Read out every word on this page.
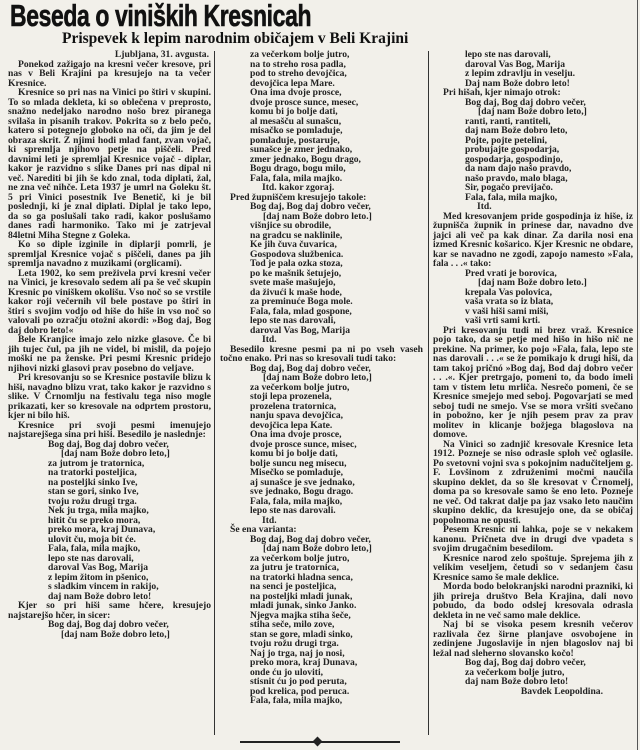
Beseda o viniških Kresnicah
Prispevek k lepim narodnim običajem v Beli Krajini
Ljubljana, 31. avgusta.
Ponekod zažigajo na kresni večer kresove, pri nas v Beli Krajini pa kresujejo na ta večer Kresnice.
Kresnice so pri nas na Vinici po štiri v skupini. To so mlada dekleta, ki so oblečena v preprosto, snažno nedeljako narodno nošo brez piranega svilaša in pisanih trakov. Pokrita so z belo pečo, katero si potegnejo globoko na oči, da jim je del obraza skrit. Z njimi hodi mlad fant, zvan vojač, ki spremlja njihovo petje na piščeli. Pred davnimi leti je spremljal Kresnice vojač - diplar, kakor je razvidno s slike Danes pri nas dipal ni več. Narediti bi jih še kdo znal, toda diplati, žal, ne zna več nihče. Leta 1937 je umrl na Goleku št. 5 pri Vinici posestnik Ive Benetič, ki je bil poslednji, ki je znal diplati. Diplal je tako lepo, da so ga poslušali tako radi, kakor poslušamo danes radi harmoniko. Tako mi je zatrjeval 84letni Miha Stegne z Goleka.
Ko so diple izginile in diplarji pomrli, je spremljal Kresnice vojač s piščeli, danes pa jih spremlja navadno z muzikami (orglicami).
Leta 1902, ko sem preživela prvi kresni večer na Vinici, je kresovalo sedem ali pa še več skupin Kresnic po viniškem okolišu. Vso noč so se vrstile kakor roji večernih vil bele postave po štiri in štiri s svojim vodjo od hiše do hiše in vso noč so valovali po ozračju otožni akordi: »Bog daj, Bog daj dobro leto!«
Bele Kranjice imajo zelo nizke glasove. Če bi jih tujec čul, pa jih ne videl, bi mislil, da pojejo moški ne pa ženske. Pri pesmi Kresnic pridejo njihovi nizki glasovi prav posebno do veljave.
Pri kresovanju so se Kresnice postavile blizu k hiši, navadno blizu vrat, tako kakor je razvidno s slike. V Črnomlju na festivalu tega niso mogle prikazati, ker so kresovale na odprtem prostoru, kjer ni bilo hiš.
Kresnice pri svoji pesmi imenujejo najstarejšega sina pri hiši. Besedilo je naslednje:
Bog daj, Bog daj dobro večer,
[daj nam Bože dobro leto,]
za jutrom je tratornica,
na tratorki posteljica,
na posteljki sinko Ive,
stan se gori, sinko Ive,
tvoju rožu drugi trga.
Nek ju trga, mila majko,
hitit ču se preko mora,
preko mora, kraj Dunava,
ulovit ču, moja bit će.
Fala, fala, mila majko,
lepo ste nas darovali,
daroval Vas Bog, Marija
z lepim žitom in pšenico,
s sladkim vincem in rakijo,
daj nam Bože dobro leto!
Kjer so pri hiši same hčere, kresujejo najstarejšo hčer, in sicer:
Bog daj, Bog daj dobro večer,
[daj nam Bože dobro leto,]
za večerkom bolje jutro,
na to streho rosa padla,
pod to streho devojčica,
devojčica lepa Mare.
Ona ima dvoje prosce,
dvoje prosce sunce, mesec,
komu bi jo bolje dati,
al mesašču al sunašcu,
misačko se pomladuje,
pomladuje, postaruje,
sunašce je zmer jednako,
zmer jednako, Bogu drago,
Bogu drago, bogu milo,
Fala, fala, mila majko.
Itd. kakor zgoraj.
Pred župniščem kresujejo takole:
Bog daj, Bog daj dobro večer,
[daj nam Bože dobro leto.]
višnjice su obrodile,
na gradcu se naklinile,
Ke jih čuva čuvarica,
Gospodova službenica.
Tod je pala ozka stoza,
po ke mašnik šetujejo,
svete maše mašujejo,
da živući k maše hode,
za preminuće Boga mole.
Fala, fala, mlad gospone,
lepo ste nas darovali,
daroval Vas Bog, Marija
Itd.
Besedilo kresne pesmi pa ni po vseh vaseh točno enako. Pri nas so kresovali tudi tako:
Bog daj, Bog daj dobro večer,
[daj nam Bože dobro leto,]
za večerkom bolje jutro,
stoji lepa prozenela,
prozelena tratornica,
nanju spava devojčica,
devojčica lepa Kate.
Ona ima dvoje prosce,
dvoje prosce sunce, misec,
komu bi jo bolje dati,
bolje suncu neg misecu,
Misečko se pomladuje,
aj sunašce je sve jednako,
sve jednako, Bogu drago.
Fala, fala, mila majko,
lepo ste nas darovali.
Itd.
Še ena varianta:
Bog daj, Bog daj dobro večer,
[daj nam Bože dobro leto,]
za večerkom bolje jutro,
za jutru je tratornica,
na tratorki hladna senca,
na senci je posteljica,
na posteljki mladi junak,
mladi junak, sinko Janko.
Njegva majka stiha šeče,
stiha seče, milo zove,
stan se gore, mladi sinko,
tvoju rožu drugi trga.
Naj jo trga, naj jo nosi,
preko mora, kraj Dunava,
onde ću jo uloviti,
stisnit ću jo pod peruta,
pod krelica, pod peruca.
Fala, fala, mila majko,
lepo ste nas darovali,
daroval Vas Bog, Marija
z lepim zdravlju in veselju.
Daj nam Bože dobro leto!
Pri hišah, kjer nimajo otrok:
Bog daj, Bog daj dobro večer,
[daj nam Bože dobro leto,]
ranti, ranti, rantiteli,
daj nam Bože dobro leto,
Pojte, pojte petelini,
probujajte gospodarja,
gospodarja, gospodinjo,
da nam dajo našo pravdo,
našo pravdo, malo blaga,
Sir, pogačo previjačo.
Fala, fala, mila majko,
Itd.
Med kresovanjem pride gospodinja iz hiše, iz župnišča župnik in prinese dar, navadno dve jajci ali več pa kak dinar. Za darila nosi ena izmed Kresnic košarico. Kjer Kresnic ne obdare, kar se navadno ne zgodi, zapojo namesto »Fala, fala . . .« tako:
Pred vrati je borovica,
[daj nam Bože dobro leto.]
krepala Vas polovica,
vaša vrata so iz blata,
v vaši hiši sami miši,
vaši vrti sami krti.
Pri kresovanju tudi ni brez vraž. Kresnice pojo tako, da se petje med hišo in hišo nič ne prekine. Na primer, ko pojo »Fala, fala, lepo ste nas darovali . . .« se že pomikajo k drugi hiši, da tam takoj pričnó »Bog daj, Bod daj dobro večer . . .«. Kjer pretrgajo, pomeni to, da bodo imeli tam v tistem letu mrliča. Nesrečo pomeni, če se Kresnice smejejo med seboj. Pogovarjati se med seboj tudi ne smejo. Vse se mora vršiti svečano in pobožno, ker je njih pesem prav za prav molitev in klicanje božjega blagoslova na domove.
Na Vinici so zadnjič kresovale Kresnice leta 1912. Pozneje se niso odrasle sploh več oglasile. Po svetovni vojni sva s pokojnim nadučiteljem g. F. Lovšinom z združenimi močmi naučila skupino deklet, da so šle kresovat v Črnomelj, doma pa so kresovale samo še eno leto. Pozneje ne več. Od takrat dalje pa jaz vsako leto naučim skupino deklic, da kresujejo one, da se običaj popolnoma ne opusti.
Pesem Kresnic ni lahka, poje se v nekakem kanonu. Pričneta dve in drugi dve vpadeta s svojim drugačnim besedilom.
Kresnice narod zelo spoštuje. Sprejema jih z velikim veseljem, četudi so v sedanjem času Kresnice samo še male deklice.
Morda bodo belokranjski narodni prazniki, ki jih prireja društvo Bela Krajina, dali novo pobudo, da bodo odslej kresovala odrasla dekleta in ne več samo male deklice.
Naj bi se visoka pesem kresnih večerov razlivala čez širne planjave osvobojene in zedinjene Jugoslavije in njen blagoslov naj bi ležal nad sleherno slovansko kočo!
Bog daj, Bog daj dobro večer,
za večerkom bolje jutro,
daj nam Bože dobro leto!
Bavdek Leopoldina.
